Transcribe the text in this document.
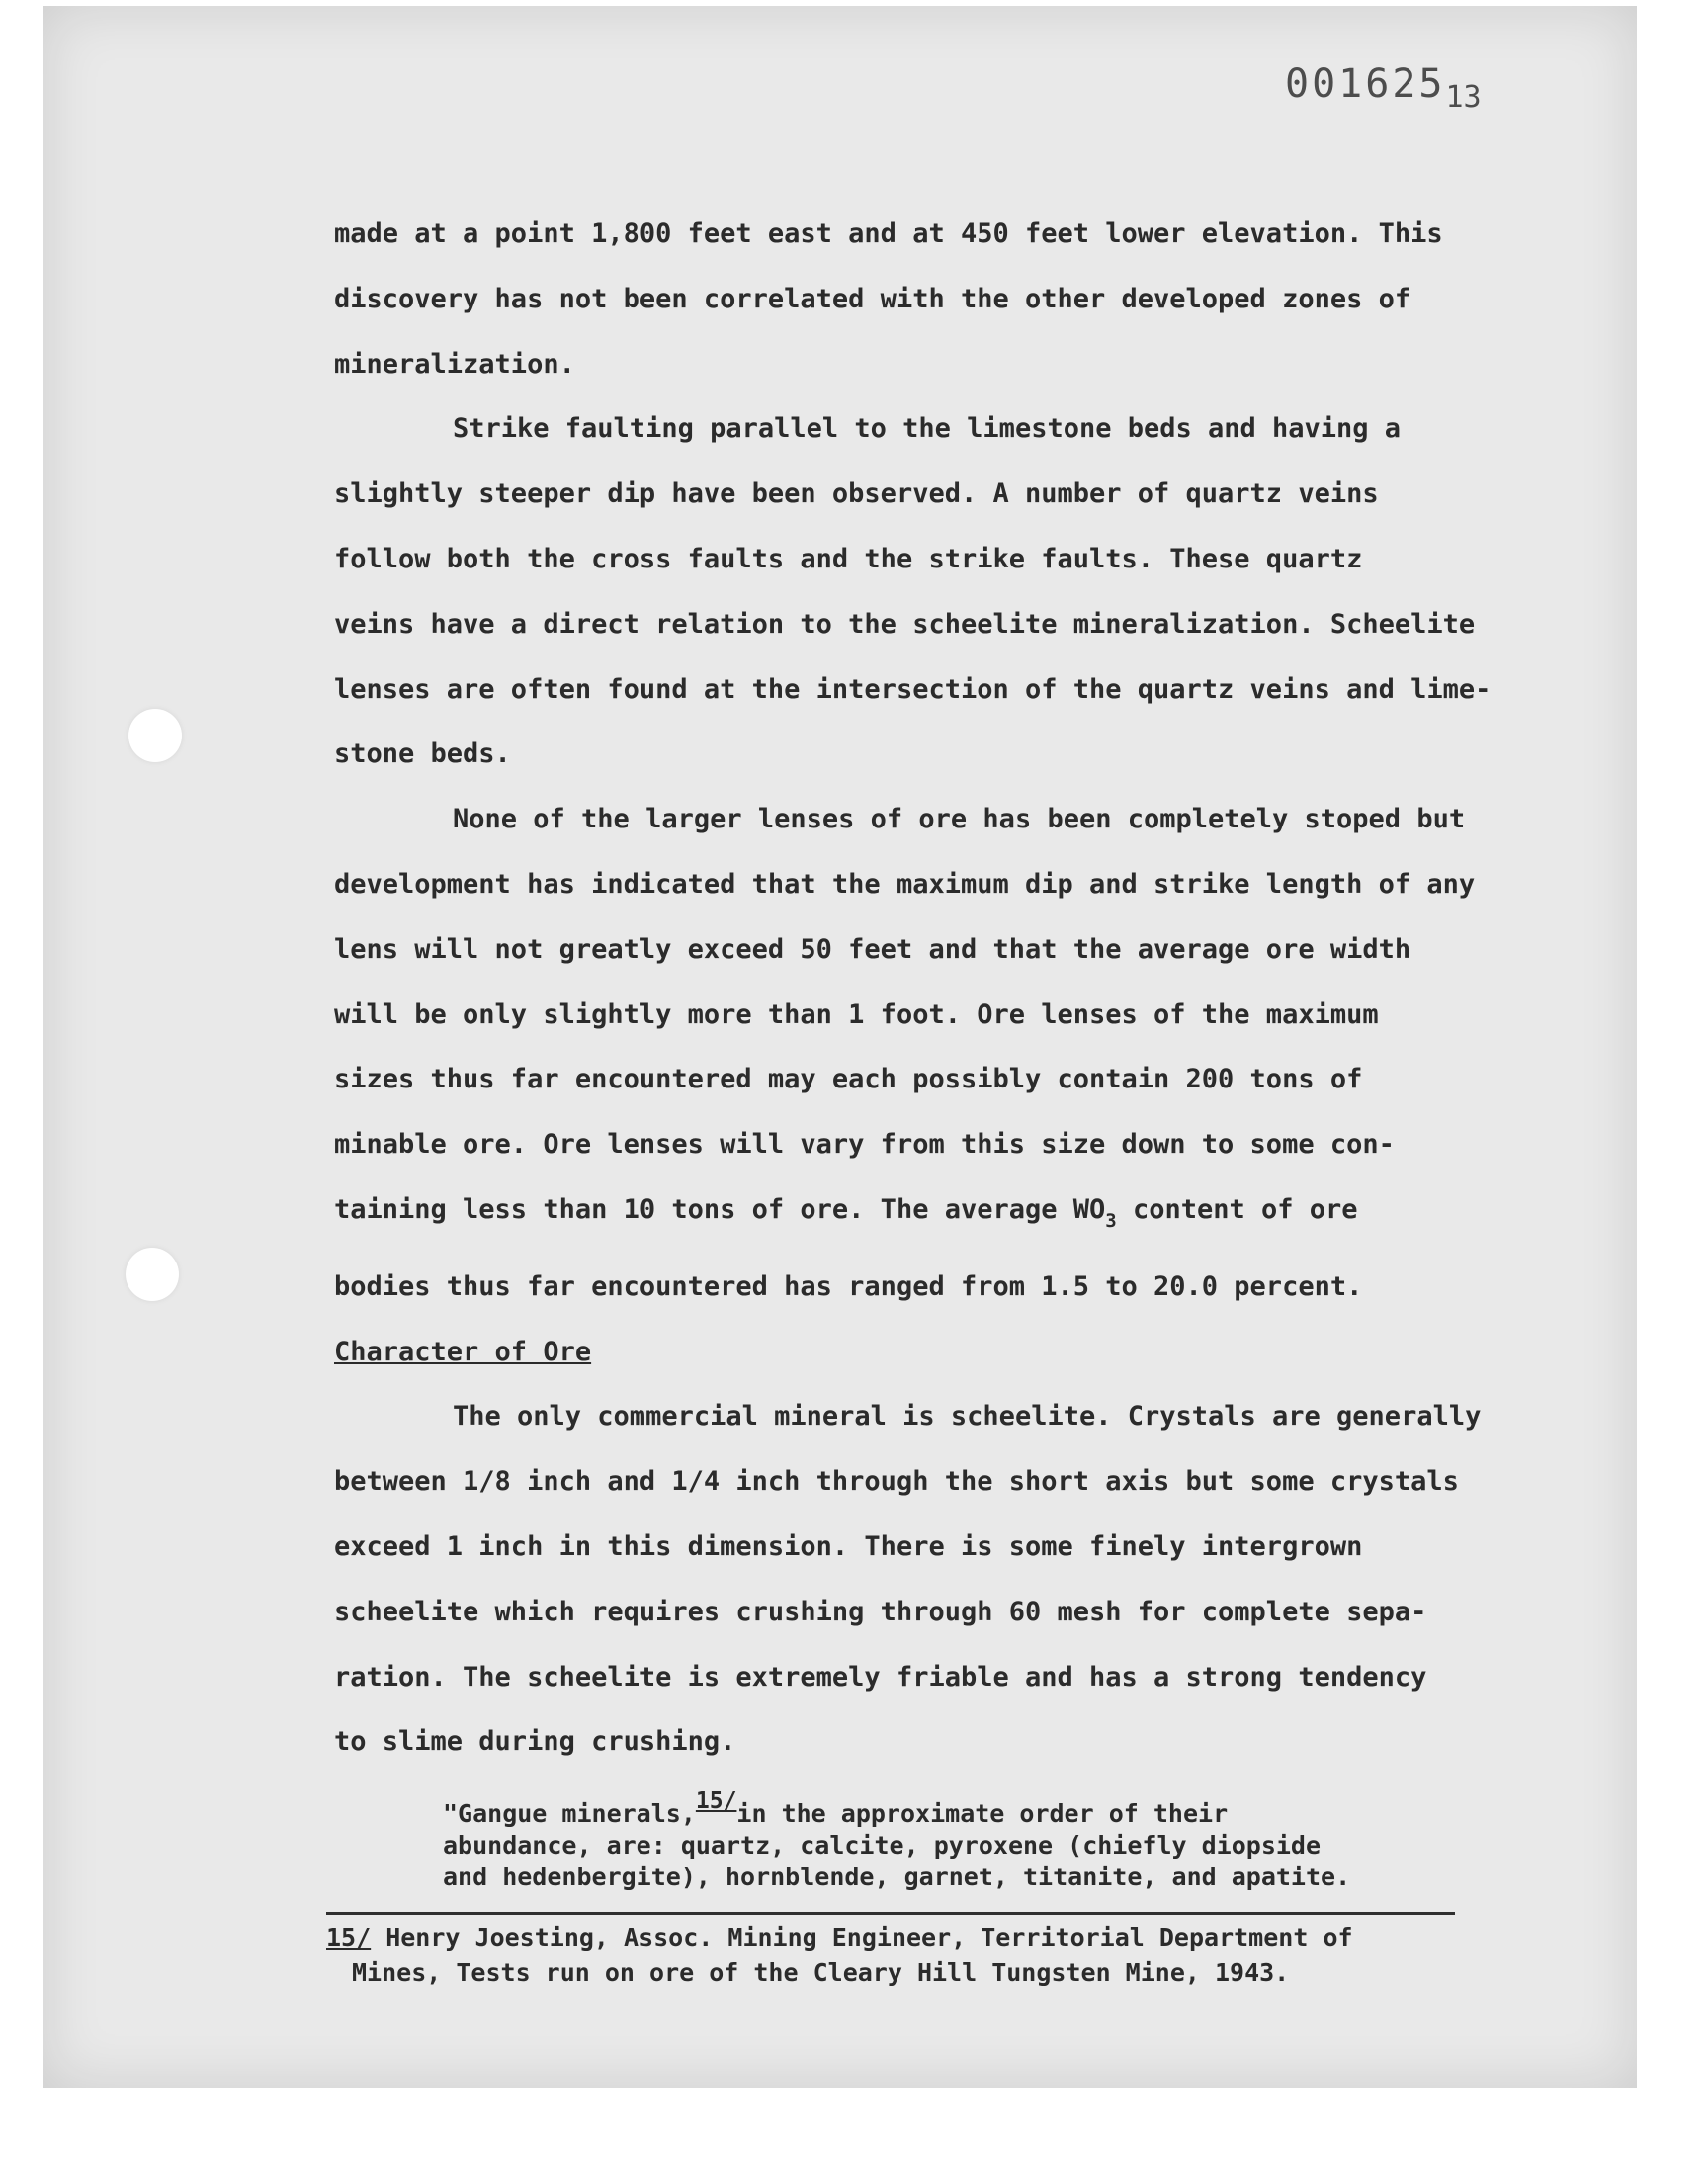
$001625_{13}$

made at a point 1,800 feet east and at 450 feet lower elevation. This
discovery has not been correlated with the other developed zones of
mineralization.

Strike faulting parallel to the limestone beds and having a
slightly steeper dip have been observed. A number of quartz veins
follow both the cross faults and the strike faults. These quartz
veins have a direct relation to the scheelite mineralization. Scheelite
lenses are often found at the intersection of the quartz veins and lime-
stone beds.

None of the larger lenses of ore has been completely stoped but
development has indicated that the maximum dip and strike length of any
lens will not greatly exceed 50 feet and that the average ore width
will be only slightly more than 1 foot. Ore lenses of the maximum
sizes thus far encountered may each possibly contain 200 tons of
minable ore. Ore lenses will vary from this size down to some con-
taining less than 10 tons of ore. The average $WO_3$ content of ore
bodies thus far encountered has ranged from 1.5 to 20.0 percent.

Character of Ore

The only commercial mineral is scheelite. Crystals are generally
between 1/8 inch and 1/4 inch through the short axis but some crystals
exceed 1 inch in this dimension. There is some finely intergrown
scheelite which requires crushing through 60 mesh for complete sepa-
ration. The scheelite is extremely friable and has a strong tendency
to slime during crushing.

"Gangue minerals,15/in the approximate order of their

abundance, are: quartz, calcite, pyroxene (chiefly diopside

and hedenbergite), hornblende, garnet, titanite, and apatite.

15/ Henry Joesting, Assoc. Mining Engineer, Territorial Department of

Mines, Tests run on ore of the Cleary Hill Tungsten Mine, 1943.
